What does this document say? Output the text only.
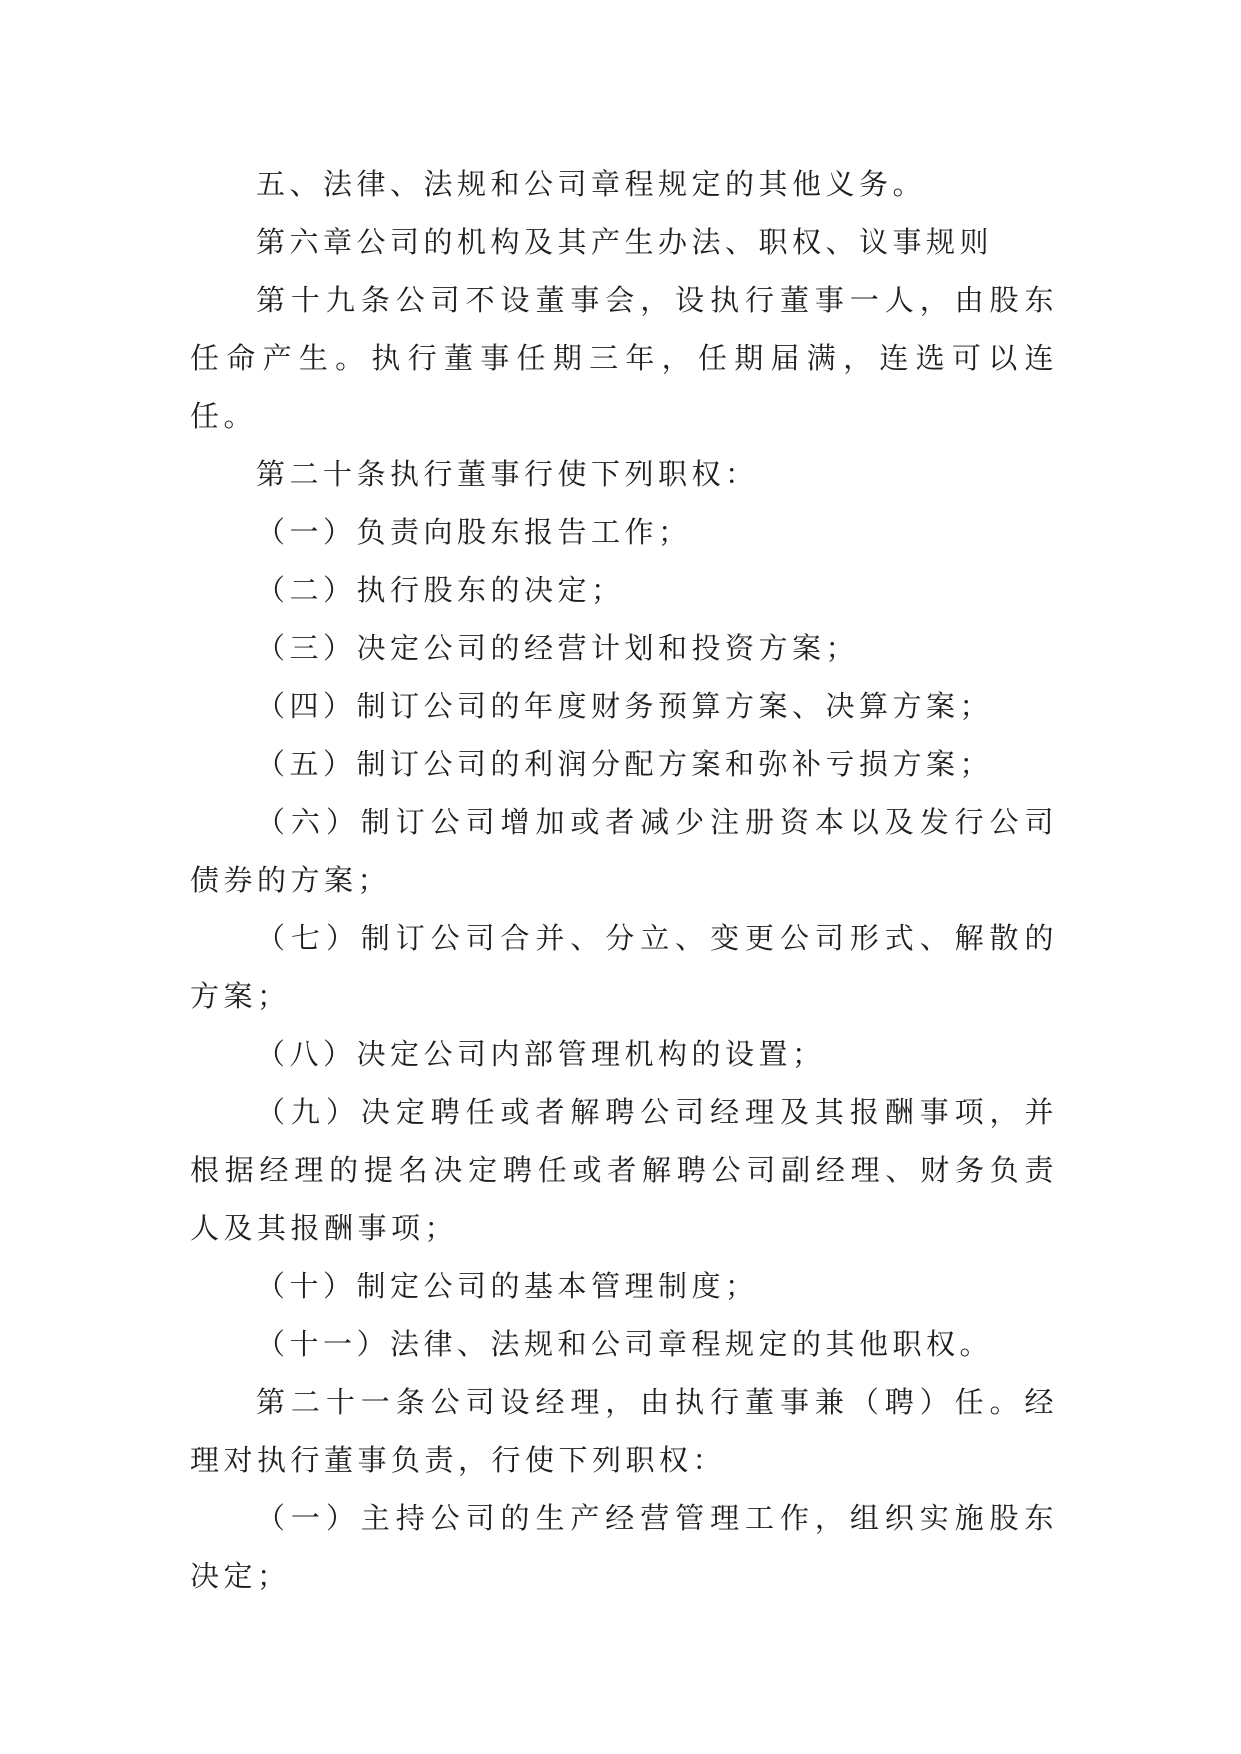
五、法律、法规和公司章程规定的其他义务。

第六章公司的机构及其产生办法、职权、议事规则

第十九条公司不设董事会，设执行董事一人，由股东任命产生。执行董事任期三年，任期届满，连选可以连任。

第二十条执行董事行使下列职权：

（一）负责向股东报告工作；

（二）执行股东的决定；

（三）决定公司的经营计划和投资方案；

（四）制订公司的年度财务预算方案、决算方案；

（五）制订公司的利润分配方案和弥补亏损方案；

（六）制订公司增加或者减少注册资本以及发行公司债券的方案；

（七）制订公司合并、分立、变更公司形式、解散的方案；

（八）决定公司内部管理机构的设置；

（九）决定聘任或者解聘公司经理及其报酬事项，并根据经理的提名决定聘任或者解聘公司副经理、财务负责人及其报酬事项；

（十）制定公司的基本管理制度；

（十一）法律、法规和公司章程规定的其他职权。

第二十一条公司设经理，由执行董事兼（聘）任。经理对执行董事负责，行使下列职权：

（一）主持公司的生产经营管理工作，组织实施股东决定；
